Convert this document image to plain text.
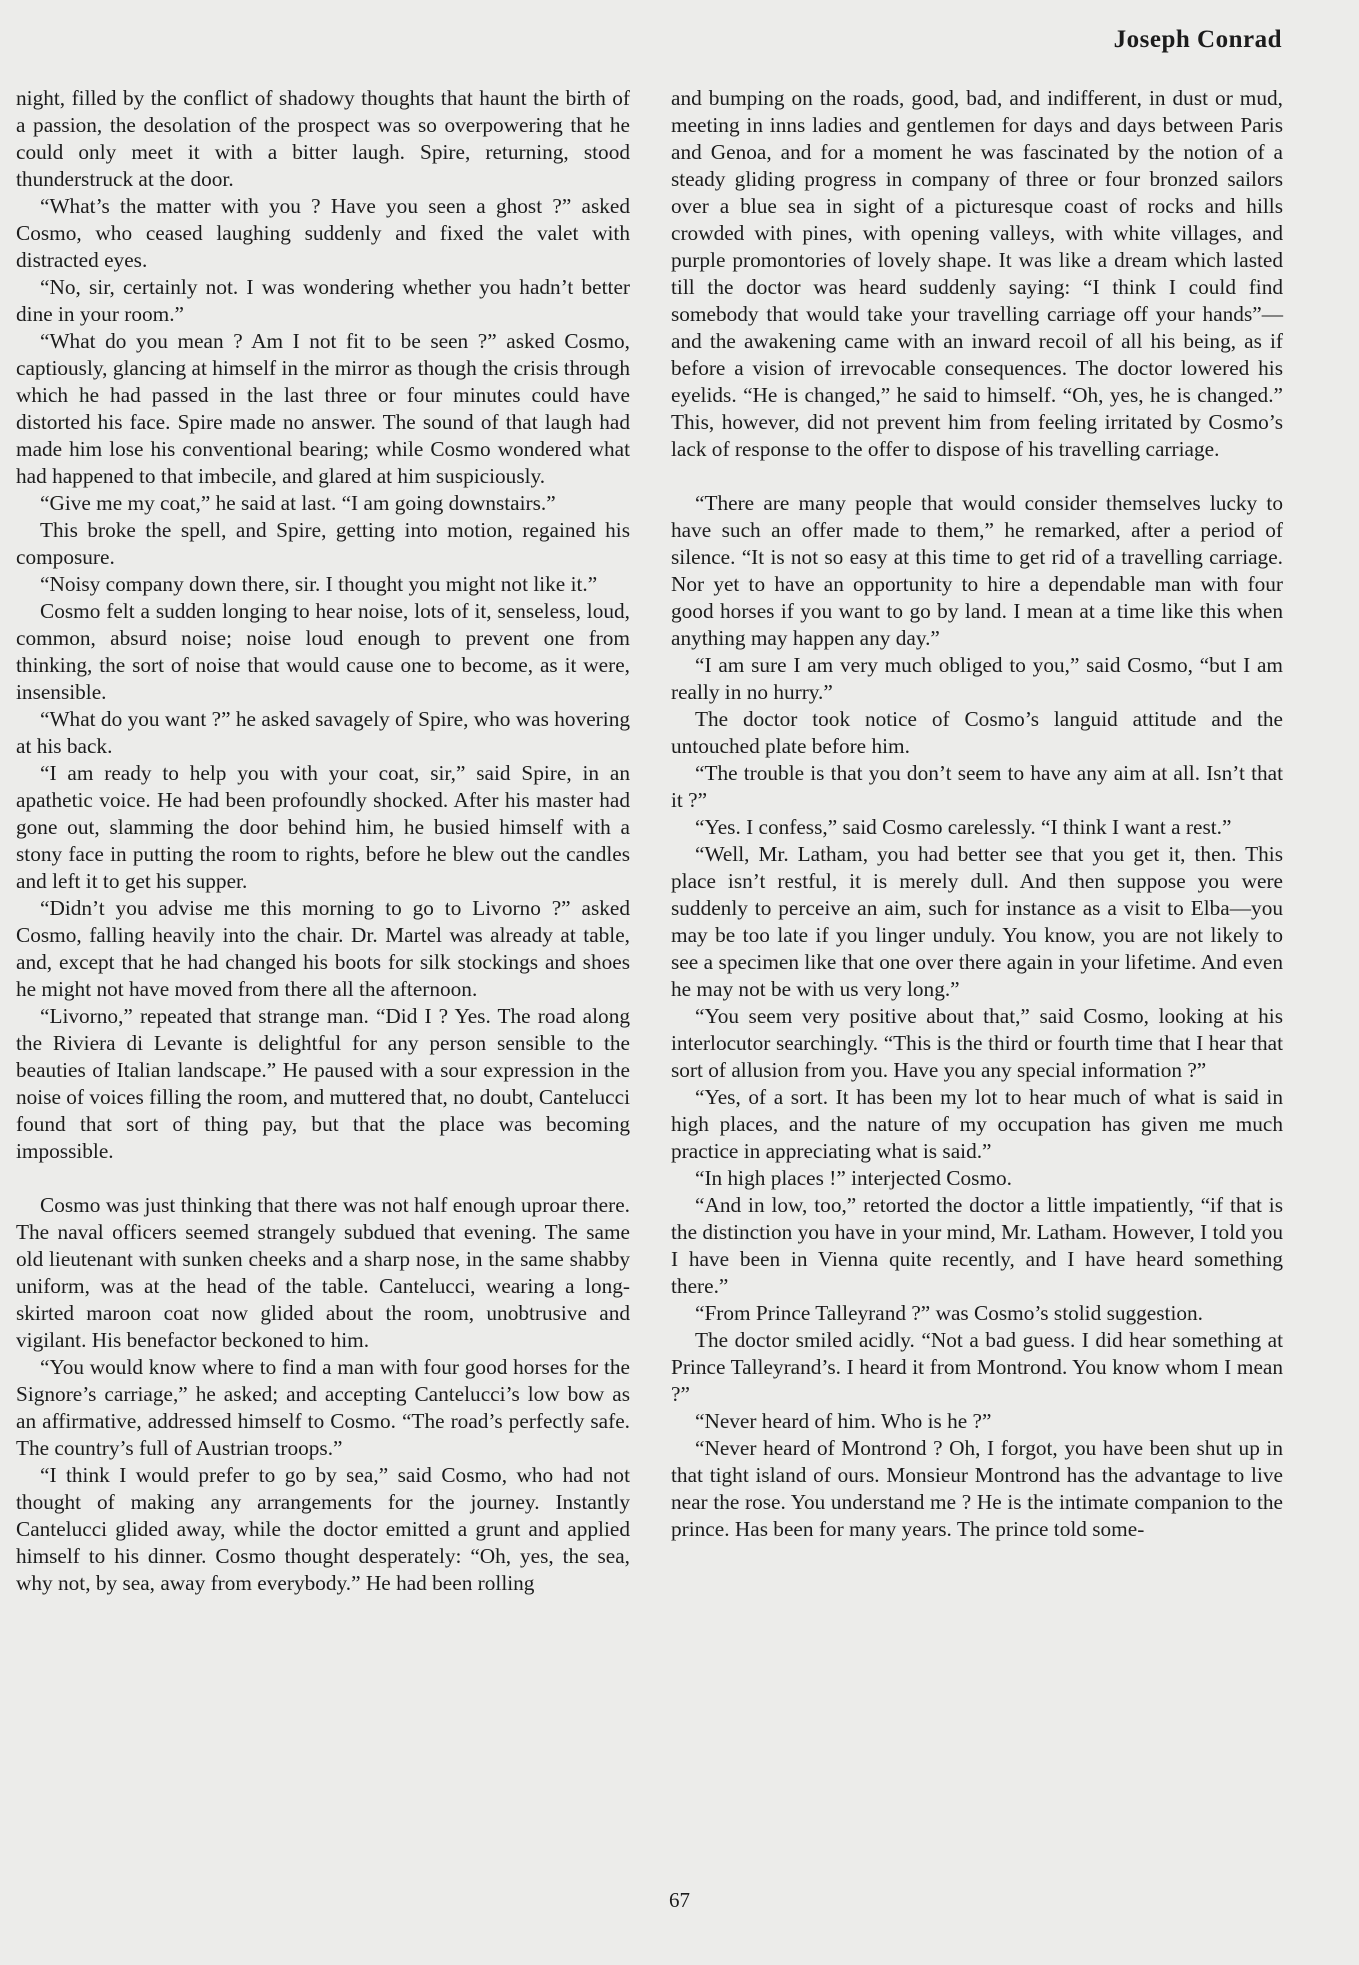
Joseph Conrad

night, filled by the conflict of shadowy thoughts that haunt the birth of a passion, the desolation of the prospect was so overpowering that he could only meet it with a bitter laugh. Spire, returning, stood thunderstruck at the door.

“What’s the matter with you ? Have you seen a ghost ?” asked Cosmo, who ceased laughing suddenly and fixed the valet with distracted eyes.

“No, sir, certainly not. I was wondering whether you hadn’t better dine in your room.”

“What do you mean ? Am I not fit to be seen ?” asked Cosmo, captiously, glancing at himself in the mirror as though the crisis through which he had passed in the last three or four minutes could have distorted his face. Spire made no answer. The sound of that laugh had made him lose his conventional bearing; while Cosmo wondered what had happened to that imbecile, and glared at him suspiciously.

“Give me my coat,” he said at last. “I am going downstairs.”

This broke the spell, and Spire, getting into motion, regained his composure.

“Noisy company down there, sir. I thought you might not like it.”

Cosmo felt a sudden longing to hear noise, lots of it, senseless, loud, common, absurd noise; noise loud enough to prevent one from thinking, the sort of noise that would cause one to become, as it were, insensible.

“What do you want ?” he asked savagely of Spire, who was hovering at his back.

“I am ready to help you with your coat, sir,” said Spire, in an apathetic voice. He had been profoundly shocked. After his master had gone out, slamming the door behind him, he busied himself with a stony face in putting the room to rights, before he blew out the candles and left it to get his supper.

“Didn’t you advise me this morning to go to Livorno ?” asked Cosmo, falling heavily into the chair. Dr. Martel was already at table, and, except that he had changed his boots for silk stockings and shoes he might not have moved from there all the afternoon.

“Livorno,” repeated that strange man. “Did I ? Yes. The road along the Riviera di Levante is delightful for any person sensible to the beauties of Italian landscape.” He paused with a sour expression in the noise of voices filling the room, and muttered that, no doubt, Cantelucci found that sort of thing pay, but that the place was becoming impossible.

Cosmo was just thinking that there was not half enough uproar there. The naval officers seemed strangely subdued that evening. The same old lieutenant with sunken cheeks and a sharp nose, in the same shabby uniform, was at the head of the table. Cantelucci, wearing a long-skirted maroon coat now glided about the room, unobtrusive and vigilant. His benefactor beckoned to him.

“You would know where to find a man with four good horses for the Signore’s carriage,” he asked; and accepting Cantelucci’s low bow as an affirmative, addressed himself to Cosmo. “The road’s perfectly safe. The country’s full of Austrian troops.”

“I think I would prefer to go by sea,” said Cosmo, who had not thought of making any arrangements for the journey. Instantly Cantelucci glided away, while the doctor emitted a grunt and applied himself to his dinner. Cosmo thought desperately: “Oh, yes, the sea, why not, by sea, away from everybody.” He had been rolling

and bumping on the roads, good, bad, and indifferent, in dust or mud, meeting in inns ladies and gentlemen for days and days between Paris and Genoa, and for a moment he was fascinated by the notion of a steady gliding progress in company of three or four bronzed sailors over a blue sea in sight of a picturesque coast of rocks and hills crowded with pines, with opening valleys, with white villages, and purple promontories of lovely shape. It was like a dream which lasted till the doctor was heard suddenly saying: “I think I could find somebody that would take your travelling carriage off your hands”—and the awakening came with an inward recoil of all his being, as if before a vision of irrevocable consequences. The doctor lowered his eyelids. “He is changed,” he said to himself. “Oh, yes, he is changed.” This, however, did not prevent him from feeling irritated by Cosmo’s lack of response to the offer to dispose of his travelling carriage.

“There are many people that would consider themselves lucky to have such an offer made to them,” he remarked, after a period of silence. “It is not so easy at this time to get rid of a travelling carriage. Nor yet to have an opportunity to hire a dependable man with four good horses if you want to go by land. I mean at a time like this when anything may happen any day.”

“I am sure I am very much obliged to you,” said Cosmo, “but I am really in no hurry.”

The doctor took notice of Cosmo’s languid attitude and the untouched plate before him.

“The trouble is that you don’t seem to have any aim at all. Isn’t that it ?”

“Yes. I confess,” said Cosmo carelessly. “I think I want a rest.”

“Well, Mr. Latham, you had better see that you get it, then. This place isn’t restful, it is merely dull. And then suppose you were suddenly to perceive an aim, such for instance as a visit to Elba—you may be too late if you linger unduly. You know, you are not likely to see a specimen like that one over there again in your lifetime. And even he may not be with us very long.”

“You seem very positive about that,” said Cosmo, looking at his interlocutor searchingly. “This is the third or fourth time that I hear that sort of allusion from you. Have you any special information ?”

“Yes, of a sort. It has been my lot to hear much of what is said in high places, and the nature of my occupation has given me much practice in appreciating what is said.”

“In high places !” interjected Cosmo.

“And in low, too,” retorted the doctor a little impatiently, “if that is the distinction you have in your mind, Mr. Latham. However, I told you I have been in Vienna quite recently, and I have heard something there.”

“From Prince Talleyrand ?” was Cosmo’s stolid suggestion.

The doctor smiled acidly. “Not a bad guess. I did hear something at Prince Talleyrand’s. I heard it from Montrond. You know whom I mean ?”

“Never heard of him. Who is he ?”

“Never heard of Montrond ? Oh, I forgot, you have been shut up in that tight island of ours. Monsieur Montrond has the advantage to live near the rose. You understand me ? He is the intimate companion to the prince. Has been for many years. The prince told some-

67
